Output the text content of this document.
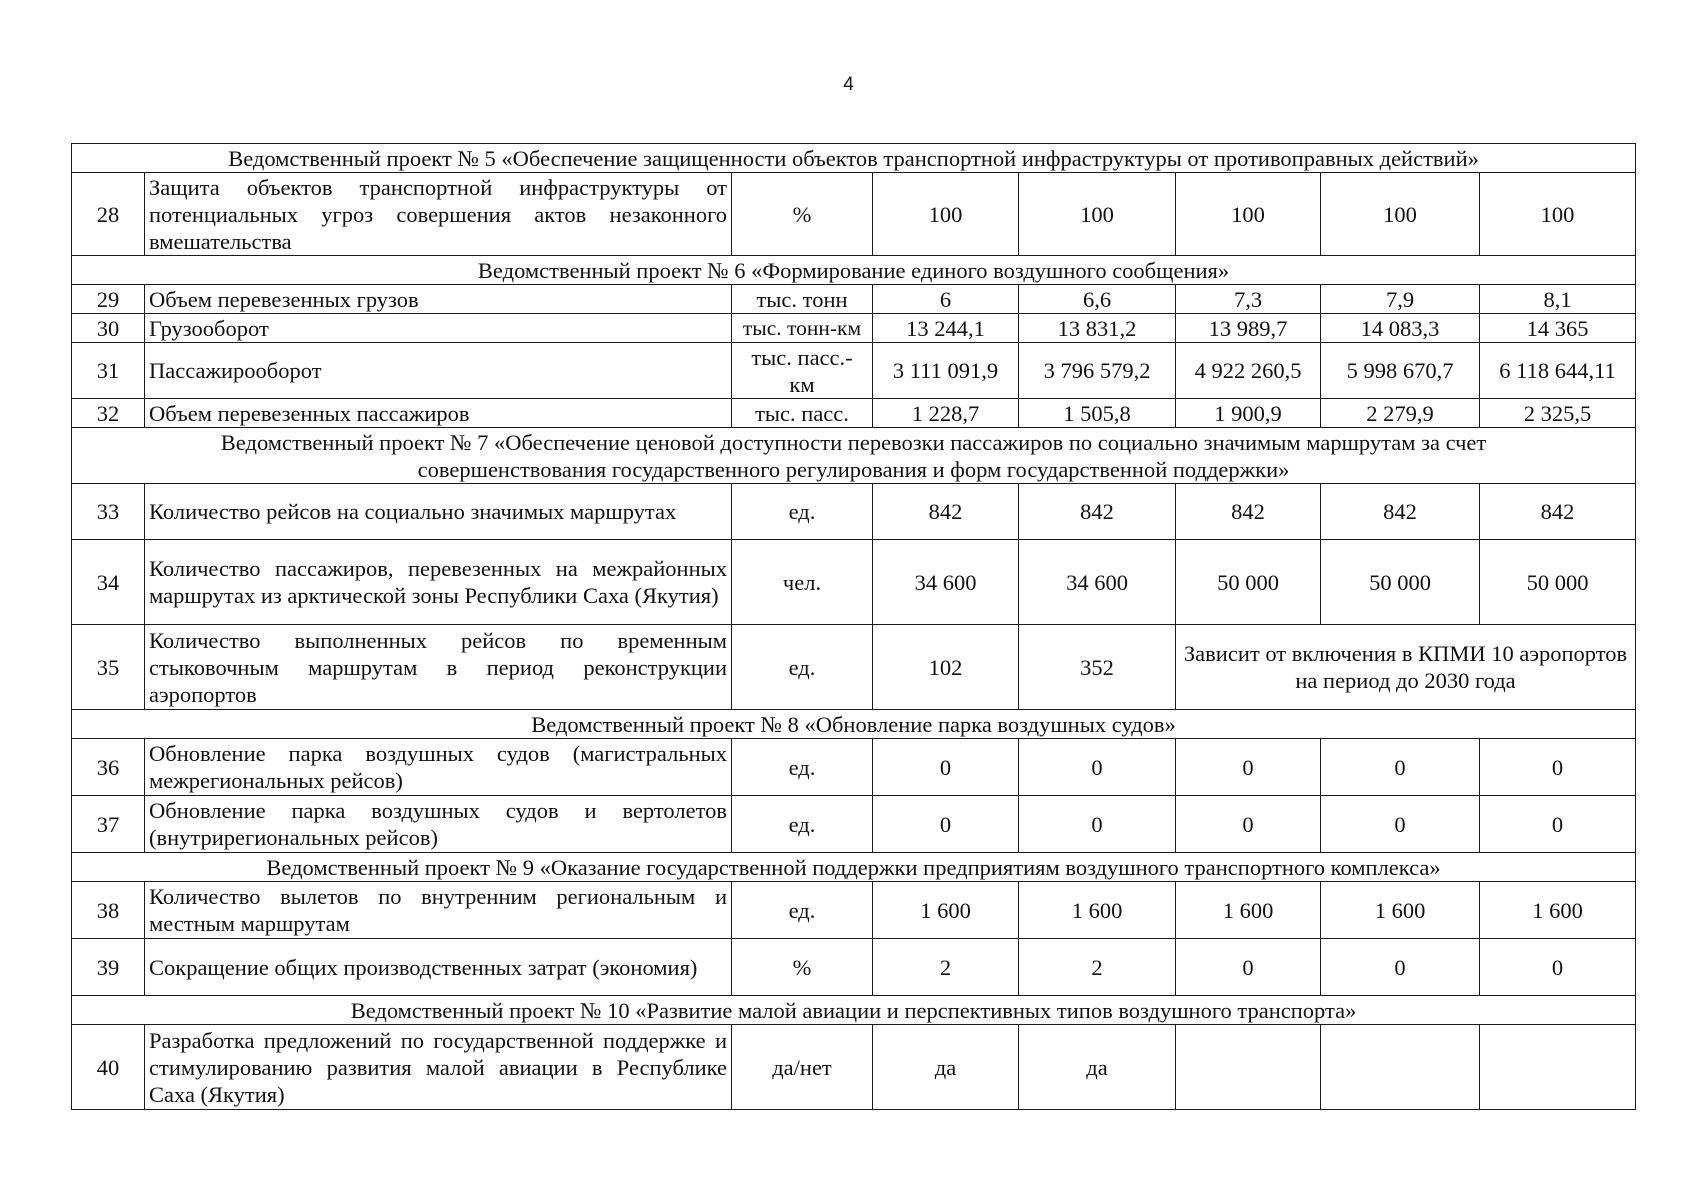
4
Ведомственный проект № 5 «Обеспечение защищенности объектов транспортной инфраструктуры от противоправных действий»							
28	Защита объектов транспортной инфраструктуры от потенциальных угроз совершения актов незаконного вмешательства	%	100	100	100	100	100
Ведомственный проект № 6 «Формирование единого воздушного сообщения»							
29	Объем перевезенных грузов	тыс. тонн	6	6,6	7,3	7,9	8,1
30	Грузооборот	тыс. тонн-км	13 244,1	13 831,2	13 989,7	14 083,3	14 365
31	Пассажирооборот	тыс. пасс.-км	3 111 091,9	3 796 579,2	4 922 260,5	5 998 670,7	6 118 644,11
32	Объем перевезенных пассажиров	тыс. пасс.	1 228,7	1 505,8	1 900,9	2 279,9	2 325,5
Ведомственный проект № 7 «Обеспечение ценовой доступности перевозки пассажиров по социально значимым маршрутам за счет совершенствования государственного регулирования и форм государственной поддержки»							
33	Количество рейсов на социально значимых маршрутах	ед.	842	842	842	842	842
34	Количество пассажиров, перевезенных на межрайонных маршрутах из арктической зоны Республики Саха (Якутия)	чел.	34 600	34 600	50 000	50 000	50 000
35	Количество выполненных рейсов по временным стыковочным маршрутам в период реконструкции аэропортов	ед.	102	352	Зависит от включения в КПМИ 10 аэропортов на период до 2030 года		
Ведомственный проект № 8 «Обновление парка воздушных судов»							
36	Обновление парка воздушных судов (магистральных межрегиональных рейсов)	ед.	0	0	0	0	0
37	Обновление парка воздушных судов и вертолетов (внутрирегиональных рейсов)	ед.	0	0	0	0	0
Ведомственный проект № 9 «Оказание государственной поддержки предприятиям воздушного транспортного комплекса»							
38	Количество вылетов по внутренним региональным и местным маршрутам	ед.	1 600	1 600	1 600	1 600	1 600
39	Сокращение общих производственных затрат (экономия)	%	2	2	0	0	0
Ведомственный проект № 10 «Развитие малой авиации и перспективных типов воздушного транспорта»							
40	Разработка предложений по государственной поддержке и стимулированию развития малой авиации в Республике Саха (Якутия)	да/нет	да	да			
